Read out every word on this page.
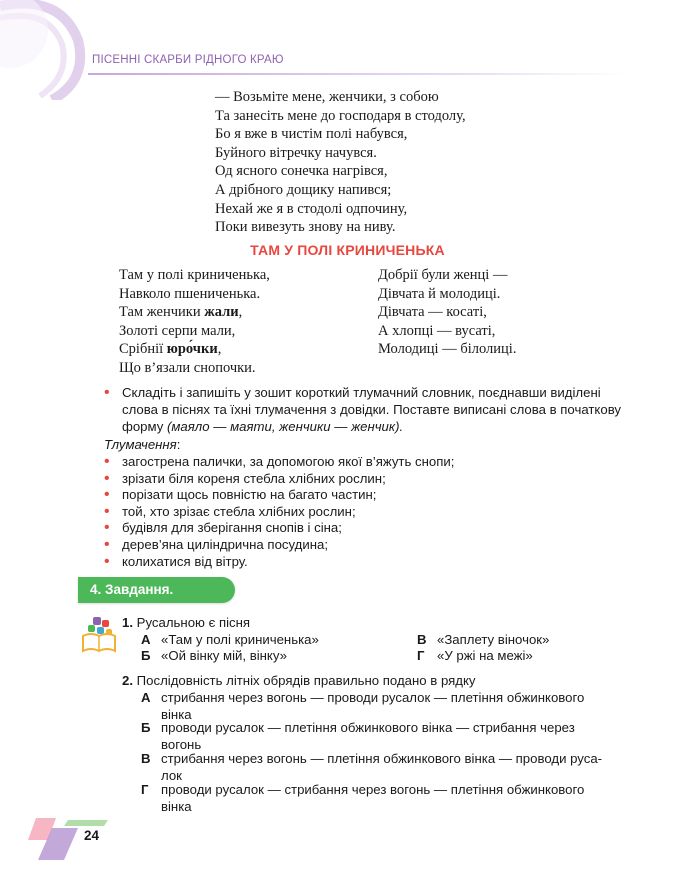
ПІСЕННІ СКАРБИ РІДНОГО КРАЮ
— Возьміте мене, женчики, з собою
Та занесіть мене до господаря в стодолу,
Бо я вже в чистім полі набувся,
Буйного вітречку начувся.
Од ясного сонечка нагрівся,
А дрібного дощику напився;
Нехай же я в стодолі одпочину,
Поки вивезуть знову на ниву.
ТАМ У ПОЛІ КРИНИЧЕНЬКА
Там у полі криниченька,
Навколо пшениченька.
Там женчики жали,
Золоті серпи мали,
Срібнії юро́чки,
Що в’язали снопочки.
Добрії були женці —
Дівчата й молодиці.
Дівчата — косаті,
А хлопці — вусаті,
Молодиці — білолиці.
• Складіть і запишіть у зошит короткий тлумачний словник, поєднавши виділені слова в піснях та їхні тлумачення з довідки. Поставте виписані слова в початкову форму (маяло — маяти, женчики — женчик).
Тлумачення:
• загострена палички, за допомогою якої в’яжуть снопи;
• зрізати біля кореня стебла хлібних рослин;
• порізати щось повністю на багато частин;
• той, хто зрізає стебла хлібних рослин;
• будівля для зберігання снопів і сіна;
• дерев’яна циліндрична посудина;
• колихатися від вітру.
4. Завдання.
1. Русальною є пісня
А «Там у полі криниченька»
Б «Ой вінку мій, вінку»
В «Заплету віночок»
Г «У ржі на межі»
2. Послідовність літніх обрядів правильно подано в рядку
А стрибання через вогонь — проводи русалок — плетіння обжинкового
вінка
Б проводи русалок — плетіння обжинкового вінка — стрибання через
вогонь
В стрибання через вогонь — плетіння обжинкового вінка — проводи руса-
лок
Г проводи русалок — стрибання через вогонь — плетіння обжинкового
вінка
24
